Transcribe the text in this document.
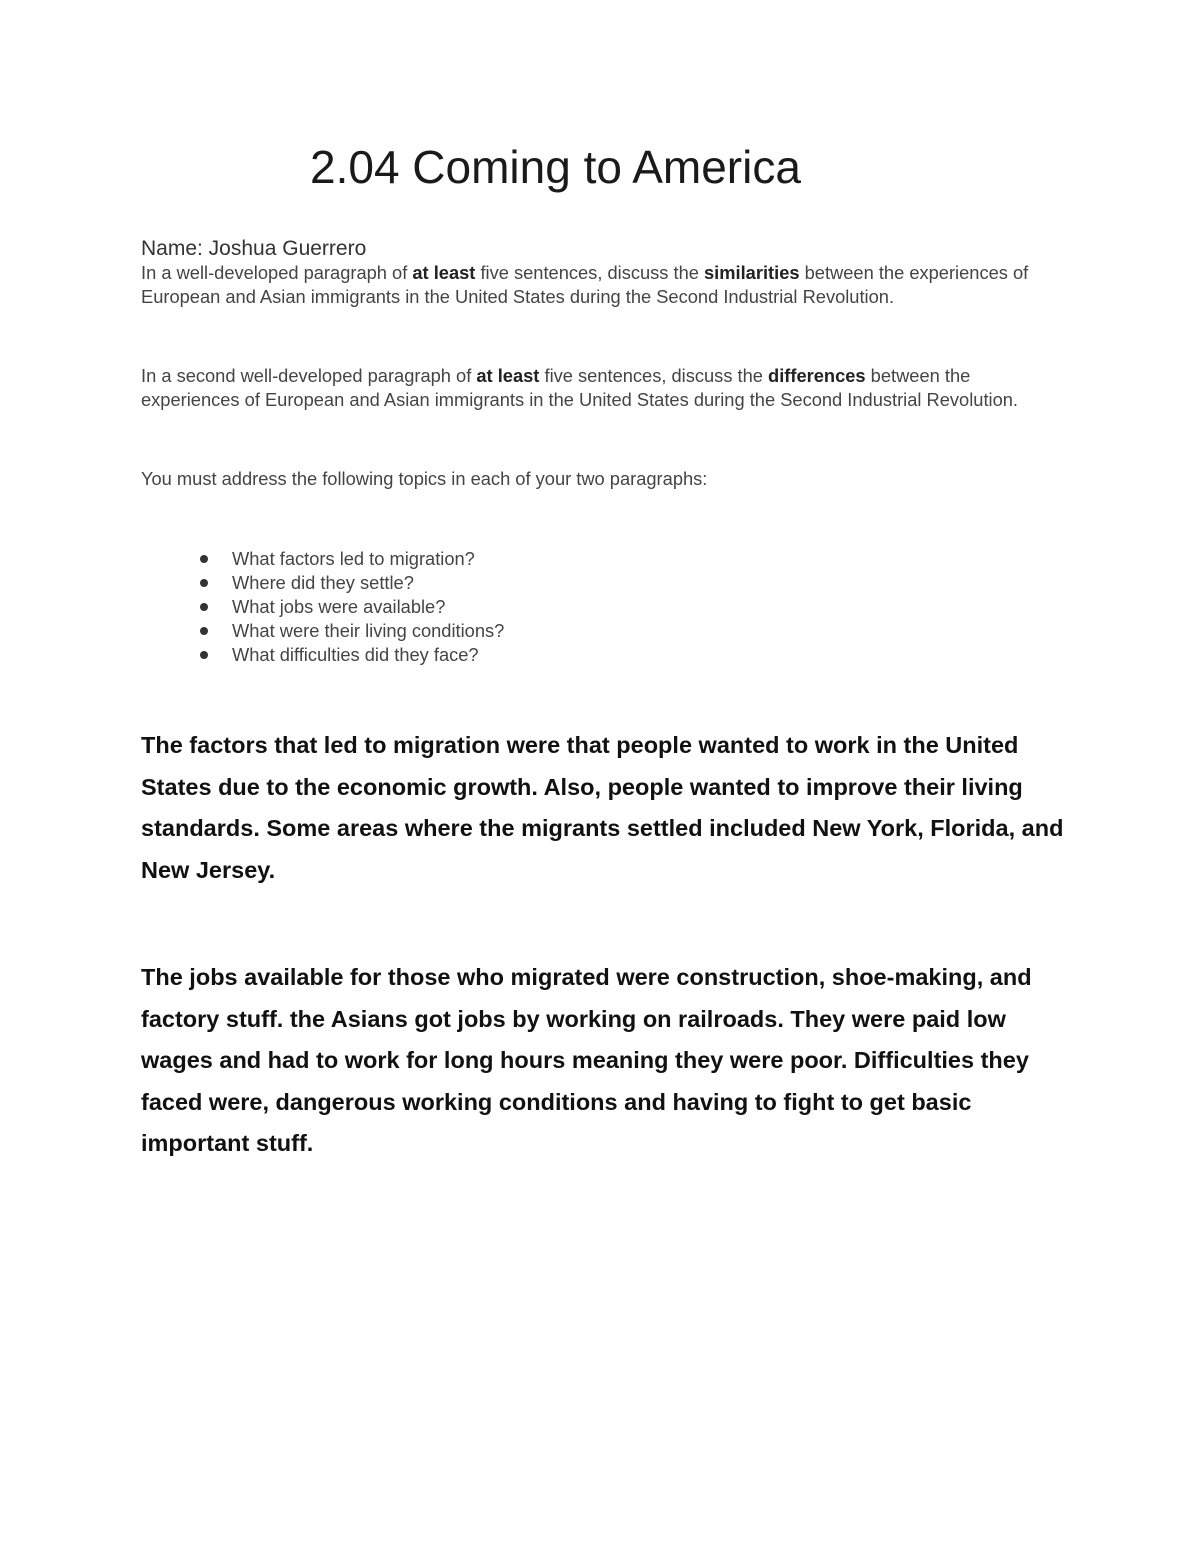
2.04 Coming to America

Name: Joshua Guerrero

In a well-developed paragraph of at least five sentences, discuss the similarities between the experiences of European and Asian immigrants in the United States during the Second Industrial Revolution.

In a second well-developed paragraph of at least five sentences, discuss the differences between the experiences of European and Asian immigrants in the United States during the Second Industrial Revolution.

You must address the following topics in each of your two paragraphs:

What factors led to migration?
Where did they settle?
What jobs were available?
What were their living conditions?
What difficulties did they face?

The factors that led to migration were that people wanted to work in the United States due to the economic growth. Also, people wanted to improve their living standards. Some areas where the migrants settled included New York, Florida, and New Jersey.

The jobs available for those who migrated were construction, shoe-making, and factory stuff. the Asians got jobs by working on railroads. They were paid low wages and had to work for long hours meaning they were poor. Difficulties they faced were, dangerous working conditions and having to fight to get basic important stuff.
